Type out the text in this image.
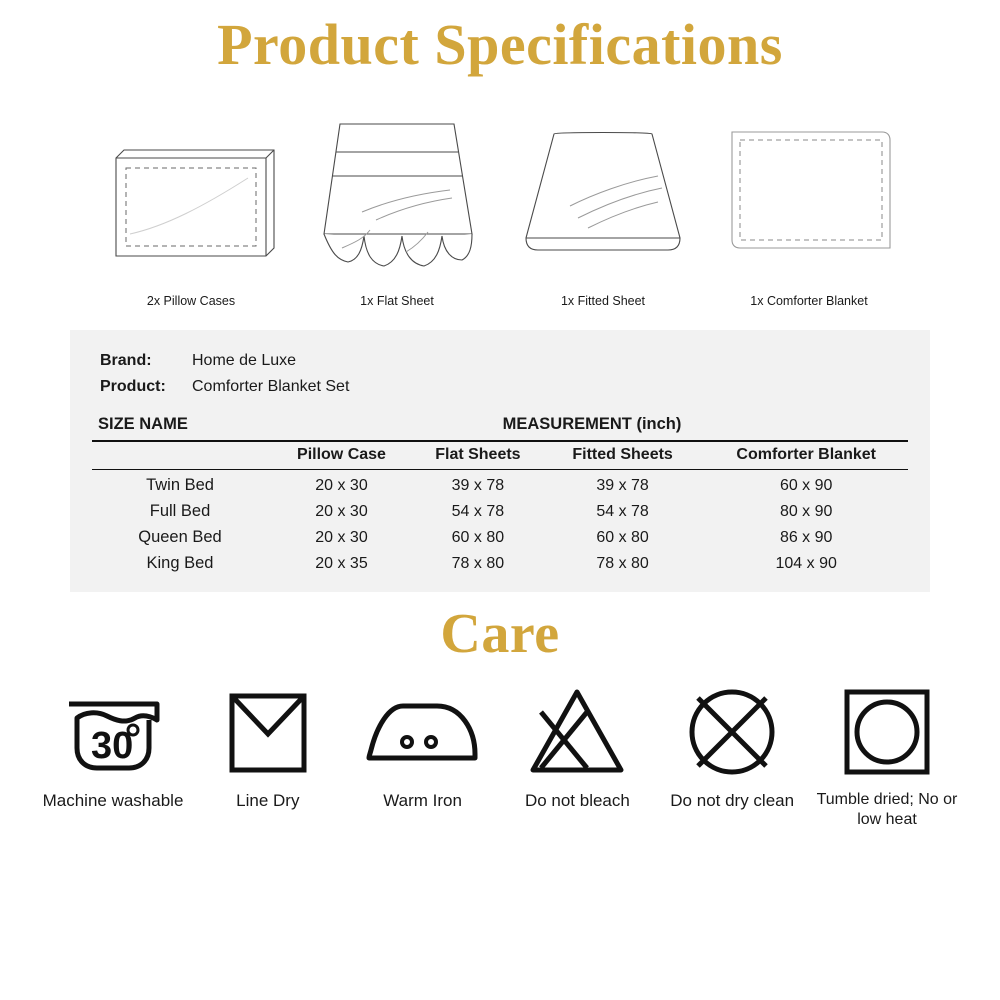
Product Specifications
2x Pillow Cases	1x Flat Sheet	1x Fitted Sheet	1x Comforter Blanket
Brand:	Home de Luxe
Product:	Comforter Blanket Set
SIZE NAME	MEASUREMENT (inch)			

	Pillow Case	Flat Sheets	Fitted Sheets	Comforter Blanket

Twin Bed	20 x 30	39 x 78	39 x 78	60 x 90
Full Bed	20 x 30	54 x 78	54 x 78	80 x 90
Queen Bed	20 x 30	60 x 80	60 x 80	86 x 90
King Bed	20 x 35	78 x 80	78 x 80	104 x 90
Care
30
Machine washable	Line Dry	Warm Iron	Do not bleach Do not dry clean Tumble dried; No or low heat
